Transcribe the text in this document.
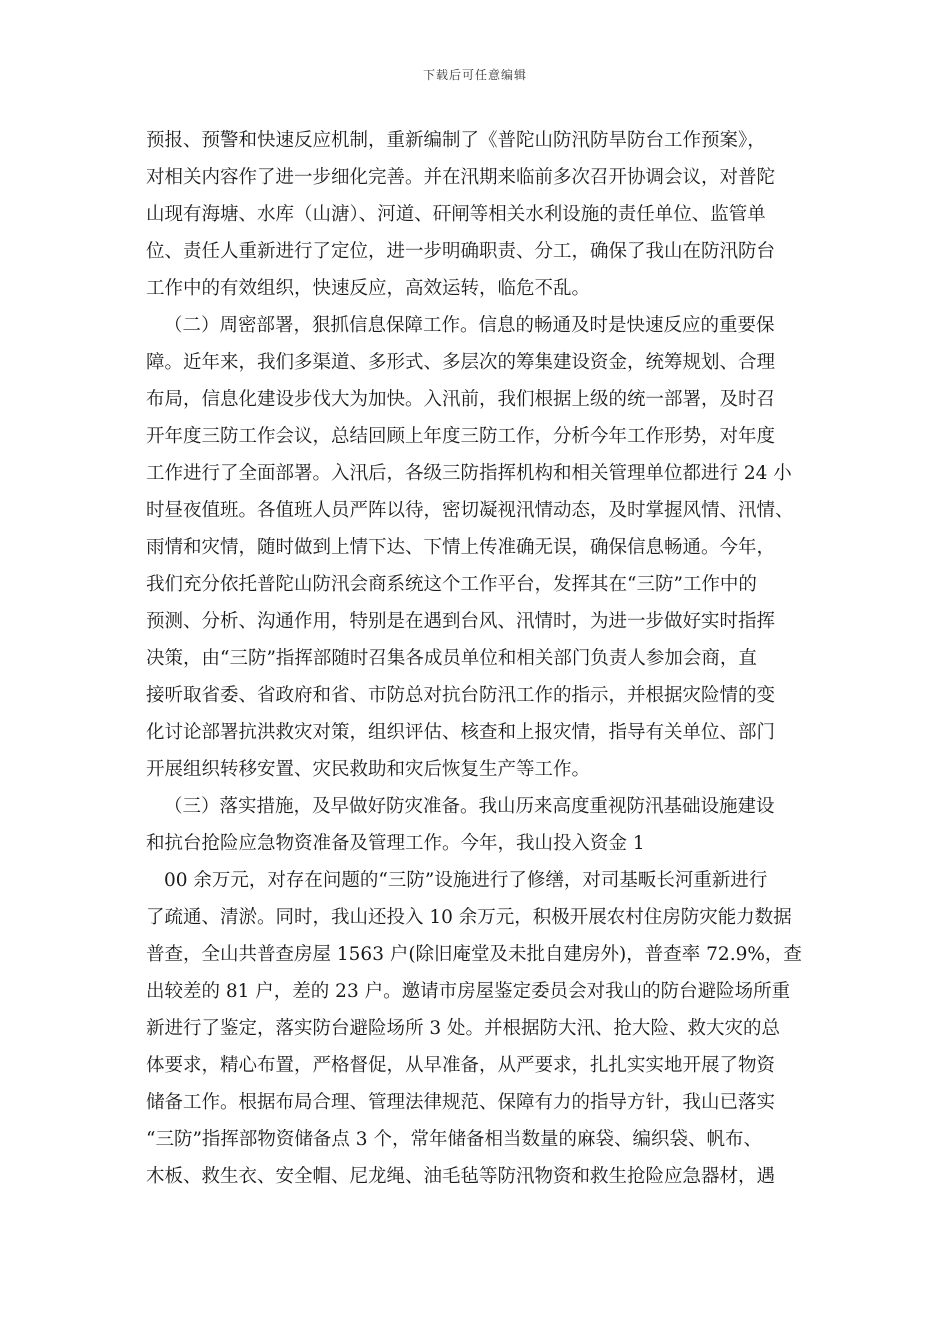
下载后可任意编辑
预报、预警和快速反应机制，重新编制了《普陀山防汛防旱防台工作预案》，
对相关内容作了进一步细化完善。并在汛期来临前多次召开协调会议，对普陀
山现有海塘、水库（山溏）、河道、矸闸等相关水利设施的责任单位、监管单
位、责任人重新进行了定位，进一步明确职责、分工，确保了我山在防汛防台
工作中的有效组织，快速反应，高效运转，临危不乱。
（二）周密部署，狠抓信息保障工作。信息的畅通及时是快速反应的重要保
障。近年来，我们多渠道、多形式、多层次的筹集建设资金，统筹规划、合理
布局，信息化建设步伐大为加快。入汛前，我们根据上级的统一部署，及时召
开年度三防工作会议，总结回顾上年度三防工作，分析今年工作形势，对年度
工作进行了全面部署。入汛后，各级三防指挥机构和相关管理单位都进行 24 小
时昼夜值班。各值班人员严阵以待，密切凝视汛情动态，及时掌握风情、汛情、
雨情和灾情，随时做到上情下达、下情上传准确无误，确保信息畅通。今年，
我们充分依托普陀山防汛会商系统这个工作平台，发挥其在“三防”工作中的
预测、分析、沟通作用，特别是在遇到台风、汛情时，为进一步做好实时指挥
决策，由“三防”指挥部随时召集各成员单位和相关部门负责人参加会商，直
接听取省委、省政府和省、市防总对抗台防汛工作的指示，并根据灾险情的变
化讨论部署抗洪救灾对策，组织评估、核查和上报灾情，指导有关单位、部门
开展组织转移安置、灾民救助和灾后恢复生产等工作。
（三）落实措施，及早做好防灾准备。我山历来高度重视防汛基础设施建设
和抗台抢险应急物资准备及管理工作。今年，我山投入资金 1
00 余万元，对存在问题的“三防”设施进行了修缮，对司基畈长河重新进行
了疏通、清淤。同时，我山还投入 10 余万元，积极开展农村住房防灾能力数据
普查，全山共普查房屋 1563 户(除旧庵堂及未批自建房外)，普查率 72.9%，查
出较差的 81 户，差的 23 户。邀请市房屋鉴定委员会对我山的防台避险场所重
新进行了鉴定，落实防台避险场所 3 处。并根据防大汛、抢大险、救大灾的总
体要求，精心布置，严格督促，从早准备，从严要求，扎扎实实地开展了物资
储备工作。根据布局合理、管理法律规范、保障有力的指导方针，我山已落实
“三防”指挥部物资储备点 3 个，常年储备相当数量的麻袋、编织袋、帆布、
木板、救生衣、安全帽、尼龙绳、油毛毡等防汛物资和救生抢险应急器材，遇
